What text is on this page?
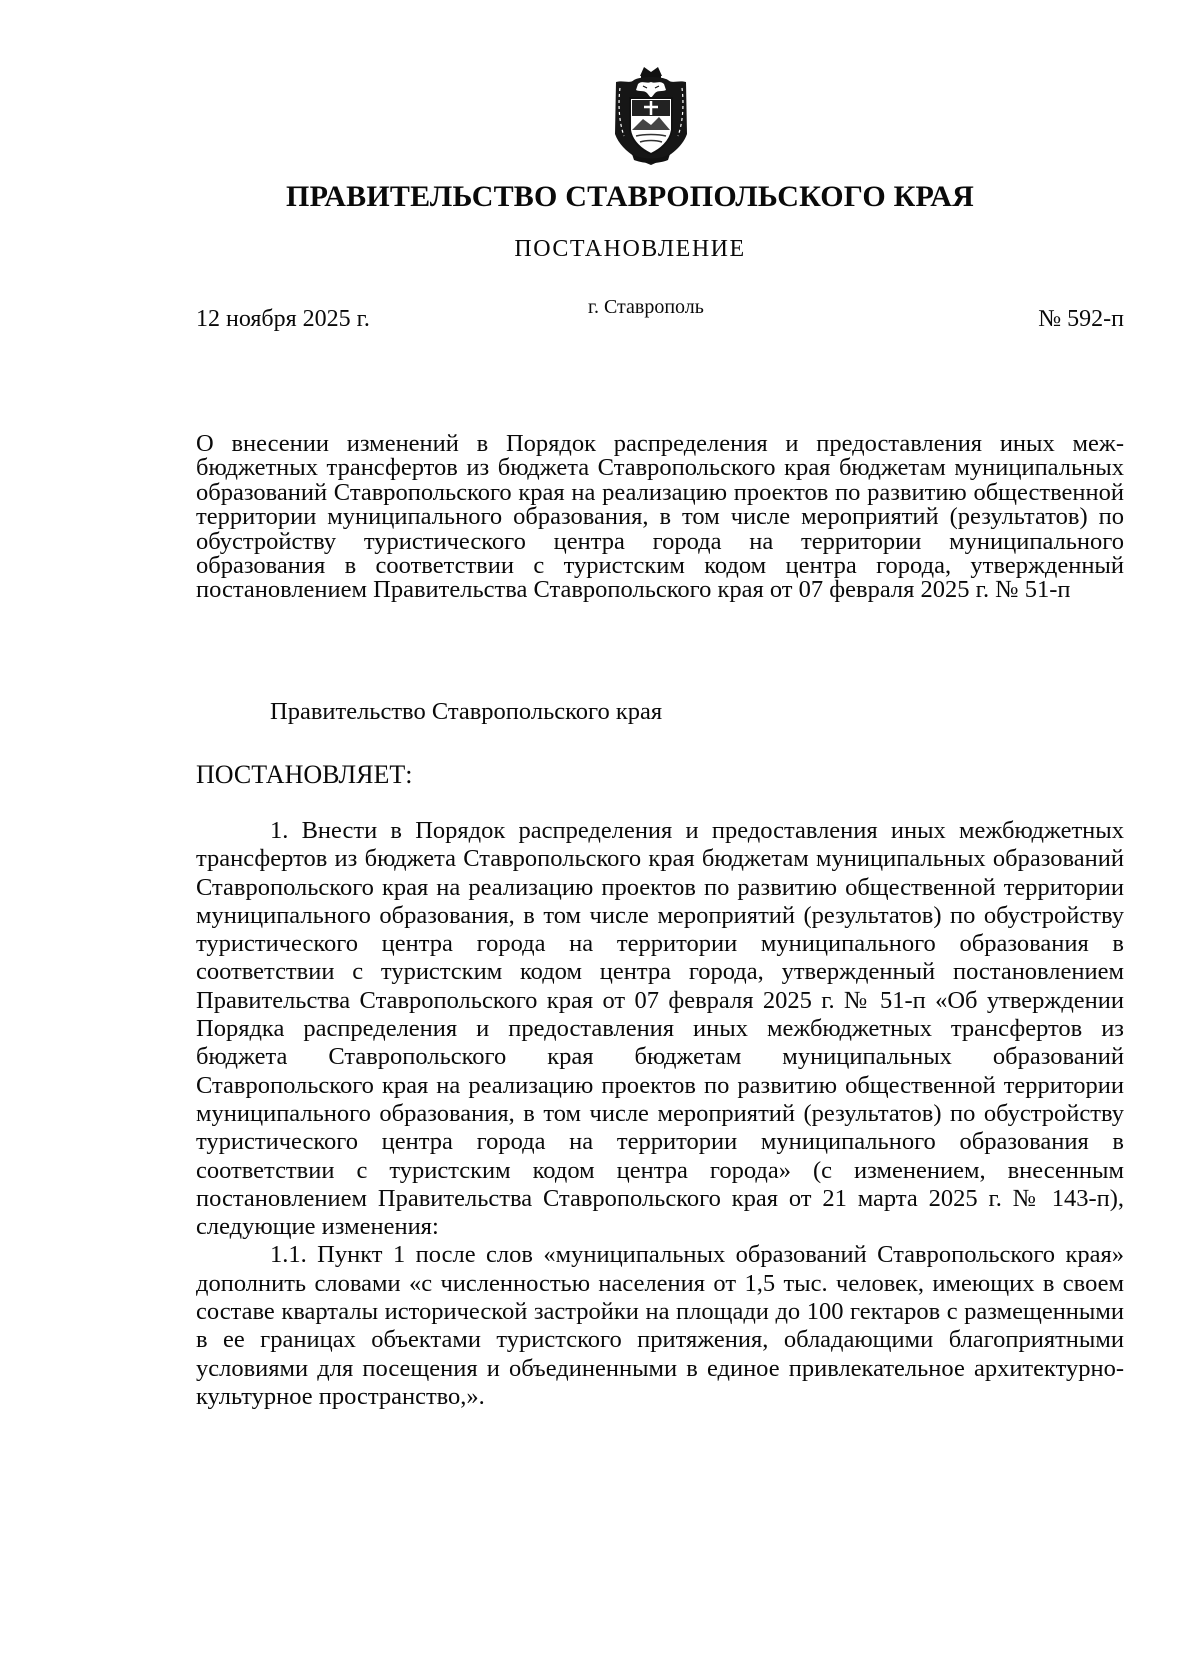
ПРАВИТЕЛЬСТВО СТАВРОПОЛЬСКОГО КРАЯ
ПОСТАНОВЛЕНИЕ
12 ноября 2025 г.	г. Ставрополь	№ 592-п

О внесении изменений в Порядок распределения и предоставления иных межбюджетных трансфертов из бюджета Ставропольского края бюджетам муниципальных образований Ставропольского края на реализацию проектов по развитию общественной территории муниципального образования, в том числе мероприятий (результатов) по обустройству туристического центра города на территории муниципального образования в соответствии с туристским кодом центра города, утвержденный постановлением Правительства Ставропольского края от 07 февраля 2025 г. № 51-п

Правительство Ставропольского края
ПОСТАНОВЛЯЕТ:

1. Внести в Порядок распределения и предоставления иных межбюджетных трансфертов из бюджета Ставропольского края бюджетам муниципальных образований Ставропольского края на реализацию проектов по развитию общественной территории муниципального образования, в том числе мероприятий (результатов) по обустройству туристического центра города на территории муниципального образования в соответствии с туристским кодом центра города, утвержденный постановлением Правительства Ставропольского края от 07 февраля 2025 г. № 51-п «Об утверждении Порядка распределения и предоставления иных межбюджетных трансфертов из бюджета Ставропольского края бюджетам муниципальных образований Ставропольского края на реализацию проектов по развитию общественной территории муниципального образования, в том числе мероприятий (результатов) по обустройству туристического центра города на территории муниципального образования в соответствии с туристским кодом центра города» (с изменением, внесенным постановлением Правительства Ставропольского края от 21 марта 2025 г. № 143-п), следующие изменения:

1.1. Пункт 1 после слов «муниципальных образований Ставропольского края» дополнить словами «с численностью населения от 1,5 тыс. человек, имеющих в своем составе кварталы исторической застройки на площади до 100 гектаров с размещенными в ее границах объектами туристского притяжения, обладающими благоприятными условиями для посещения и объединенными в единое привлекательное архитектурно-культурное пространство,».
